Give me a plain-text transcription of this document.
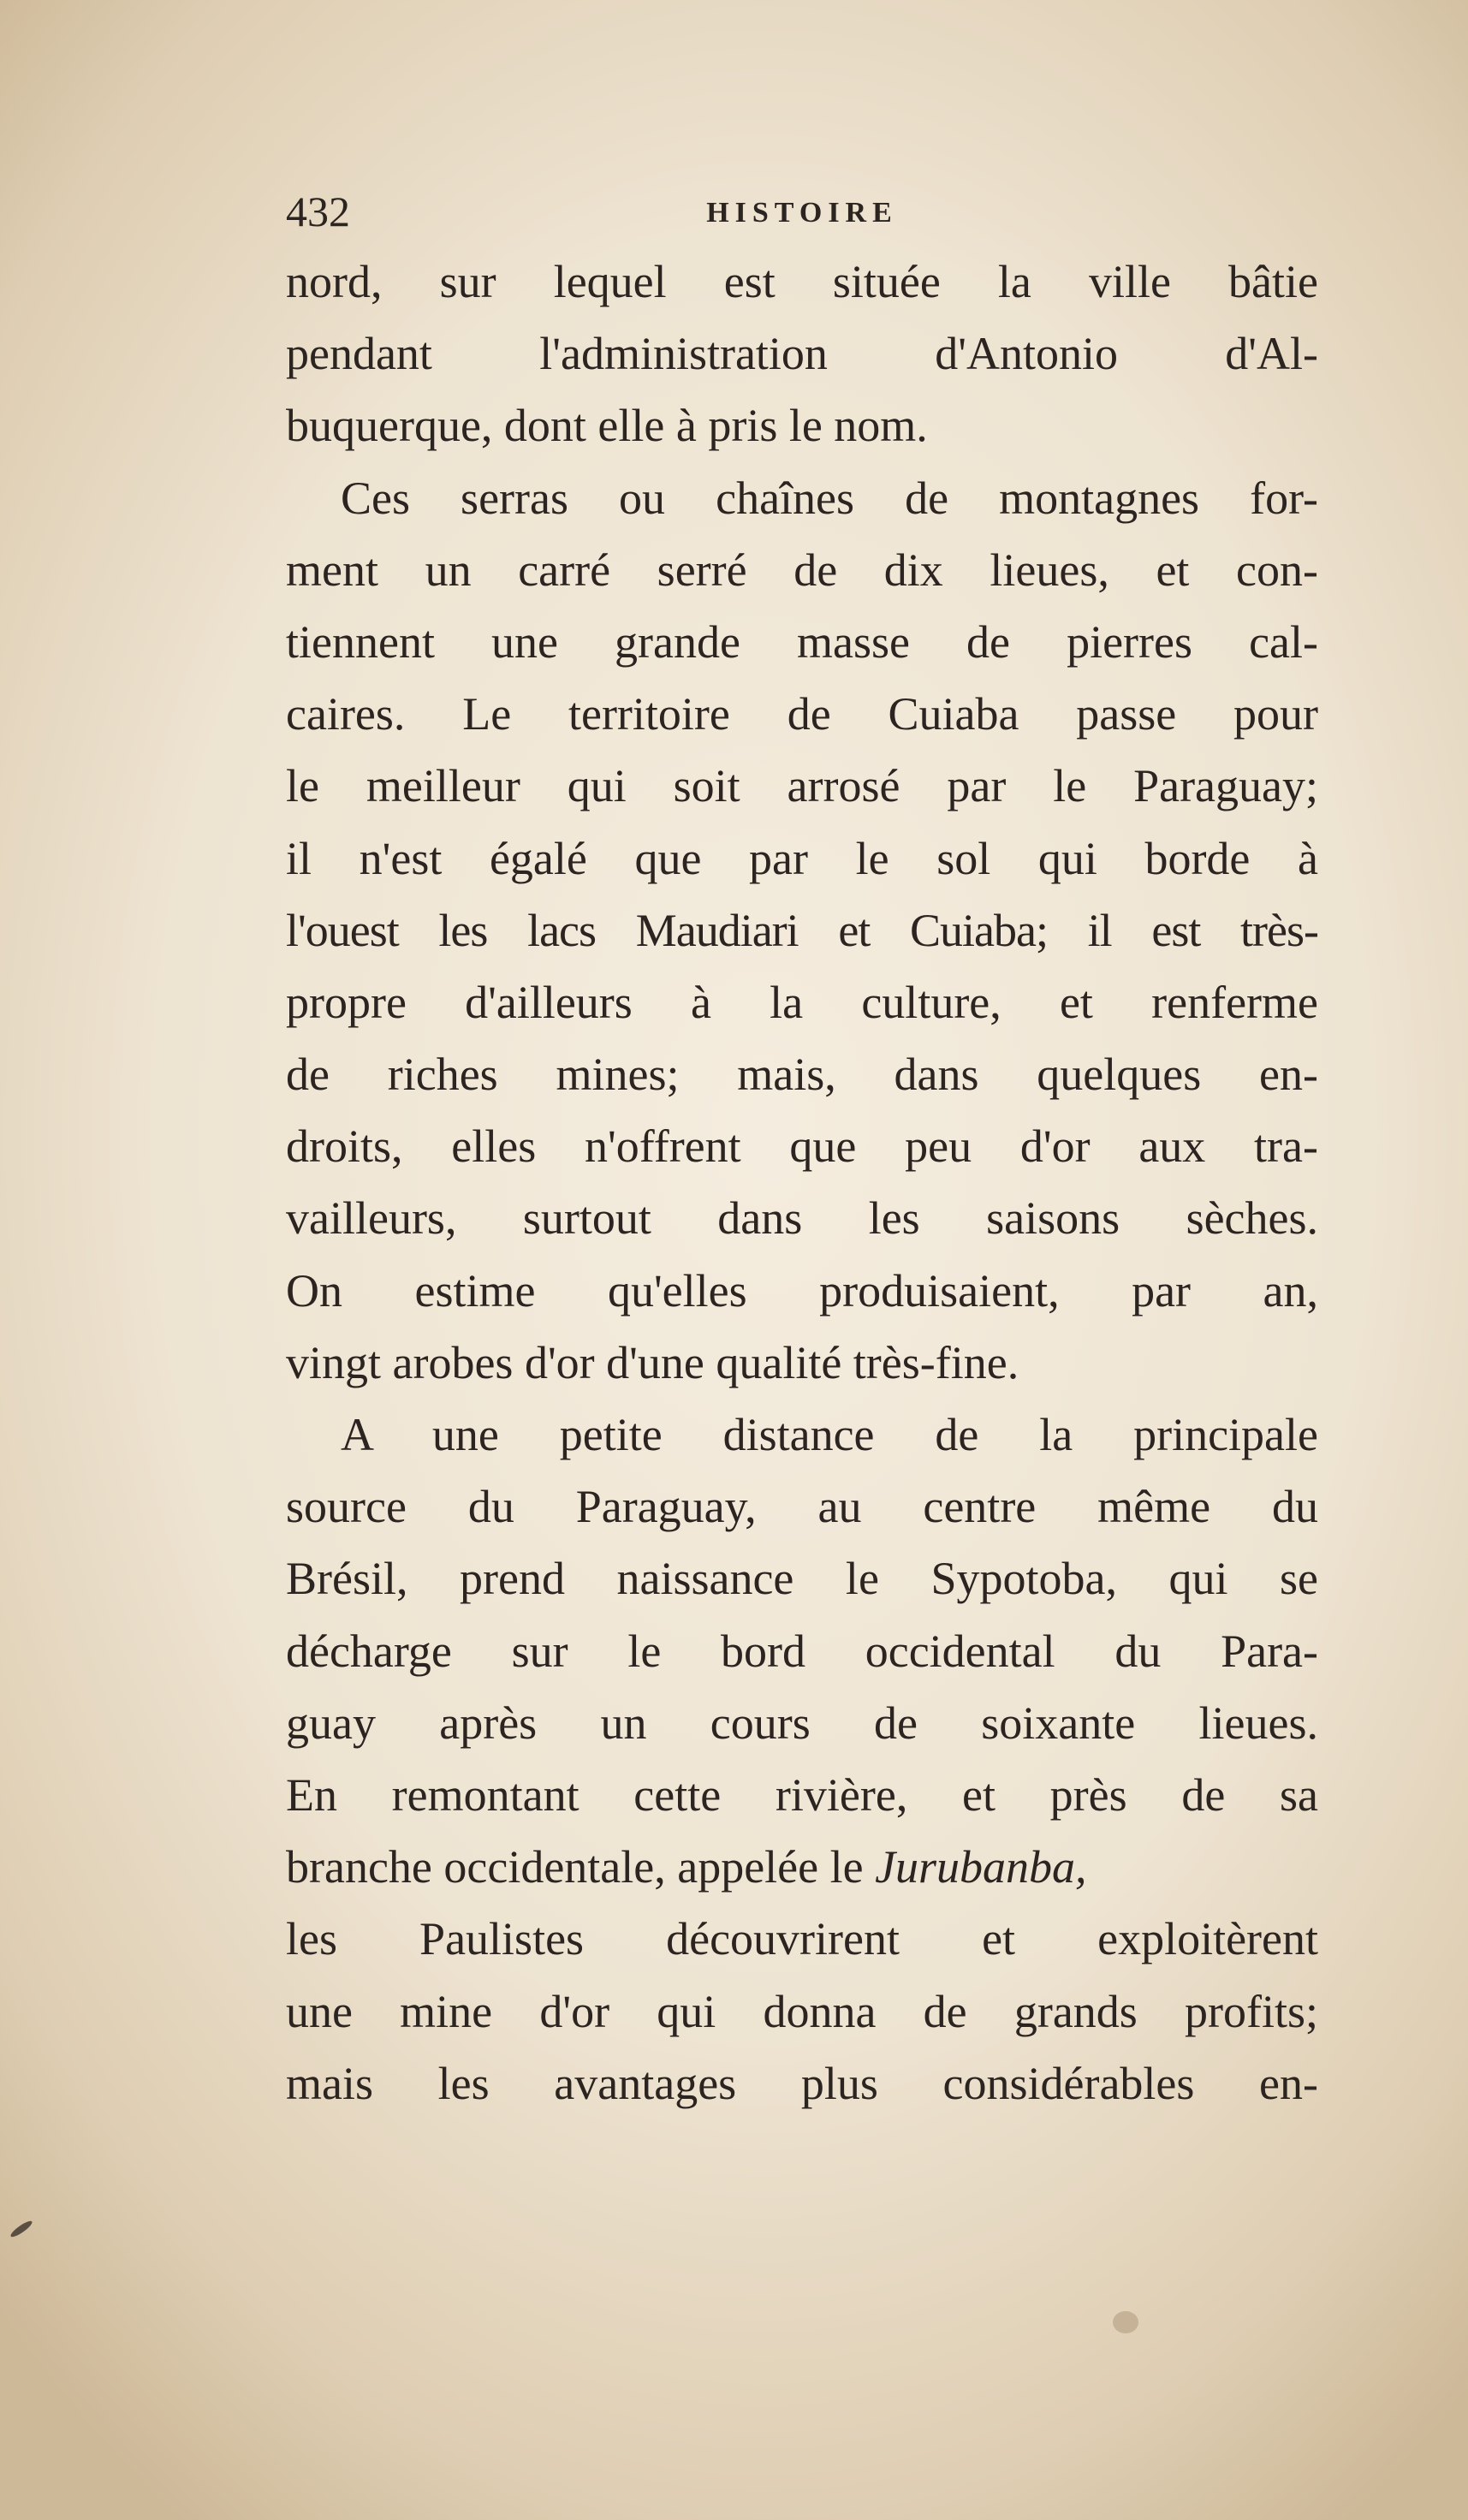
432	HISTOIRE
nord, sur lequel est située la ville bâtie
pendant l'administration d'Antonio d'Al-
buquerque, dont elle à pris le nom.
Ces serras ou chaînes de montagnes for-
ment un carré serré de dix lieues, et con-
tiennent une grande masse de pierres cal-
caires. Le territoire de Cuiaba passe pour
le meilleur qui soit arrosé par le Paraguay;
il n'est égalé que par le sol qui borde à
l'ouest les lacs Maudiari et Cuiaba; il est très-
propre d'ailleurs à la culture, et renferme
de riches mines; mais, dans quelques en-
droits, elles n'offrent que peu d'or aux tra-
vailleurs, surtout dans les saisons sèches.
On estime qu'elles produisaient, par an,
vingt arobes d'or d'une qualité très-fine.
A une petite distance de la principale
source du Paraguay, au centre même du
Brésil, prend naissance le Sypotoba, qui se
décharge sur le bord occidental du Para-
guay après un cours de soixante lieues.
En remontant cette rivière, et près de sa
branche occidentale, appelée le Jurubanba,
les Paulistes découvrirent et exploitèrent
une mine d'or qui donna de grands profits;
mais les avantages plus considérables en-
